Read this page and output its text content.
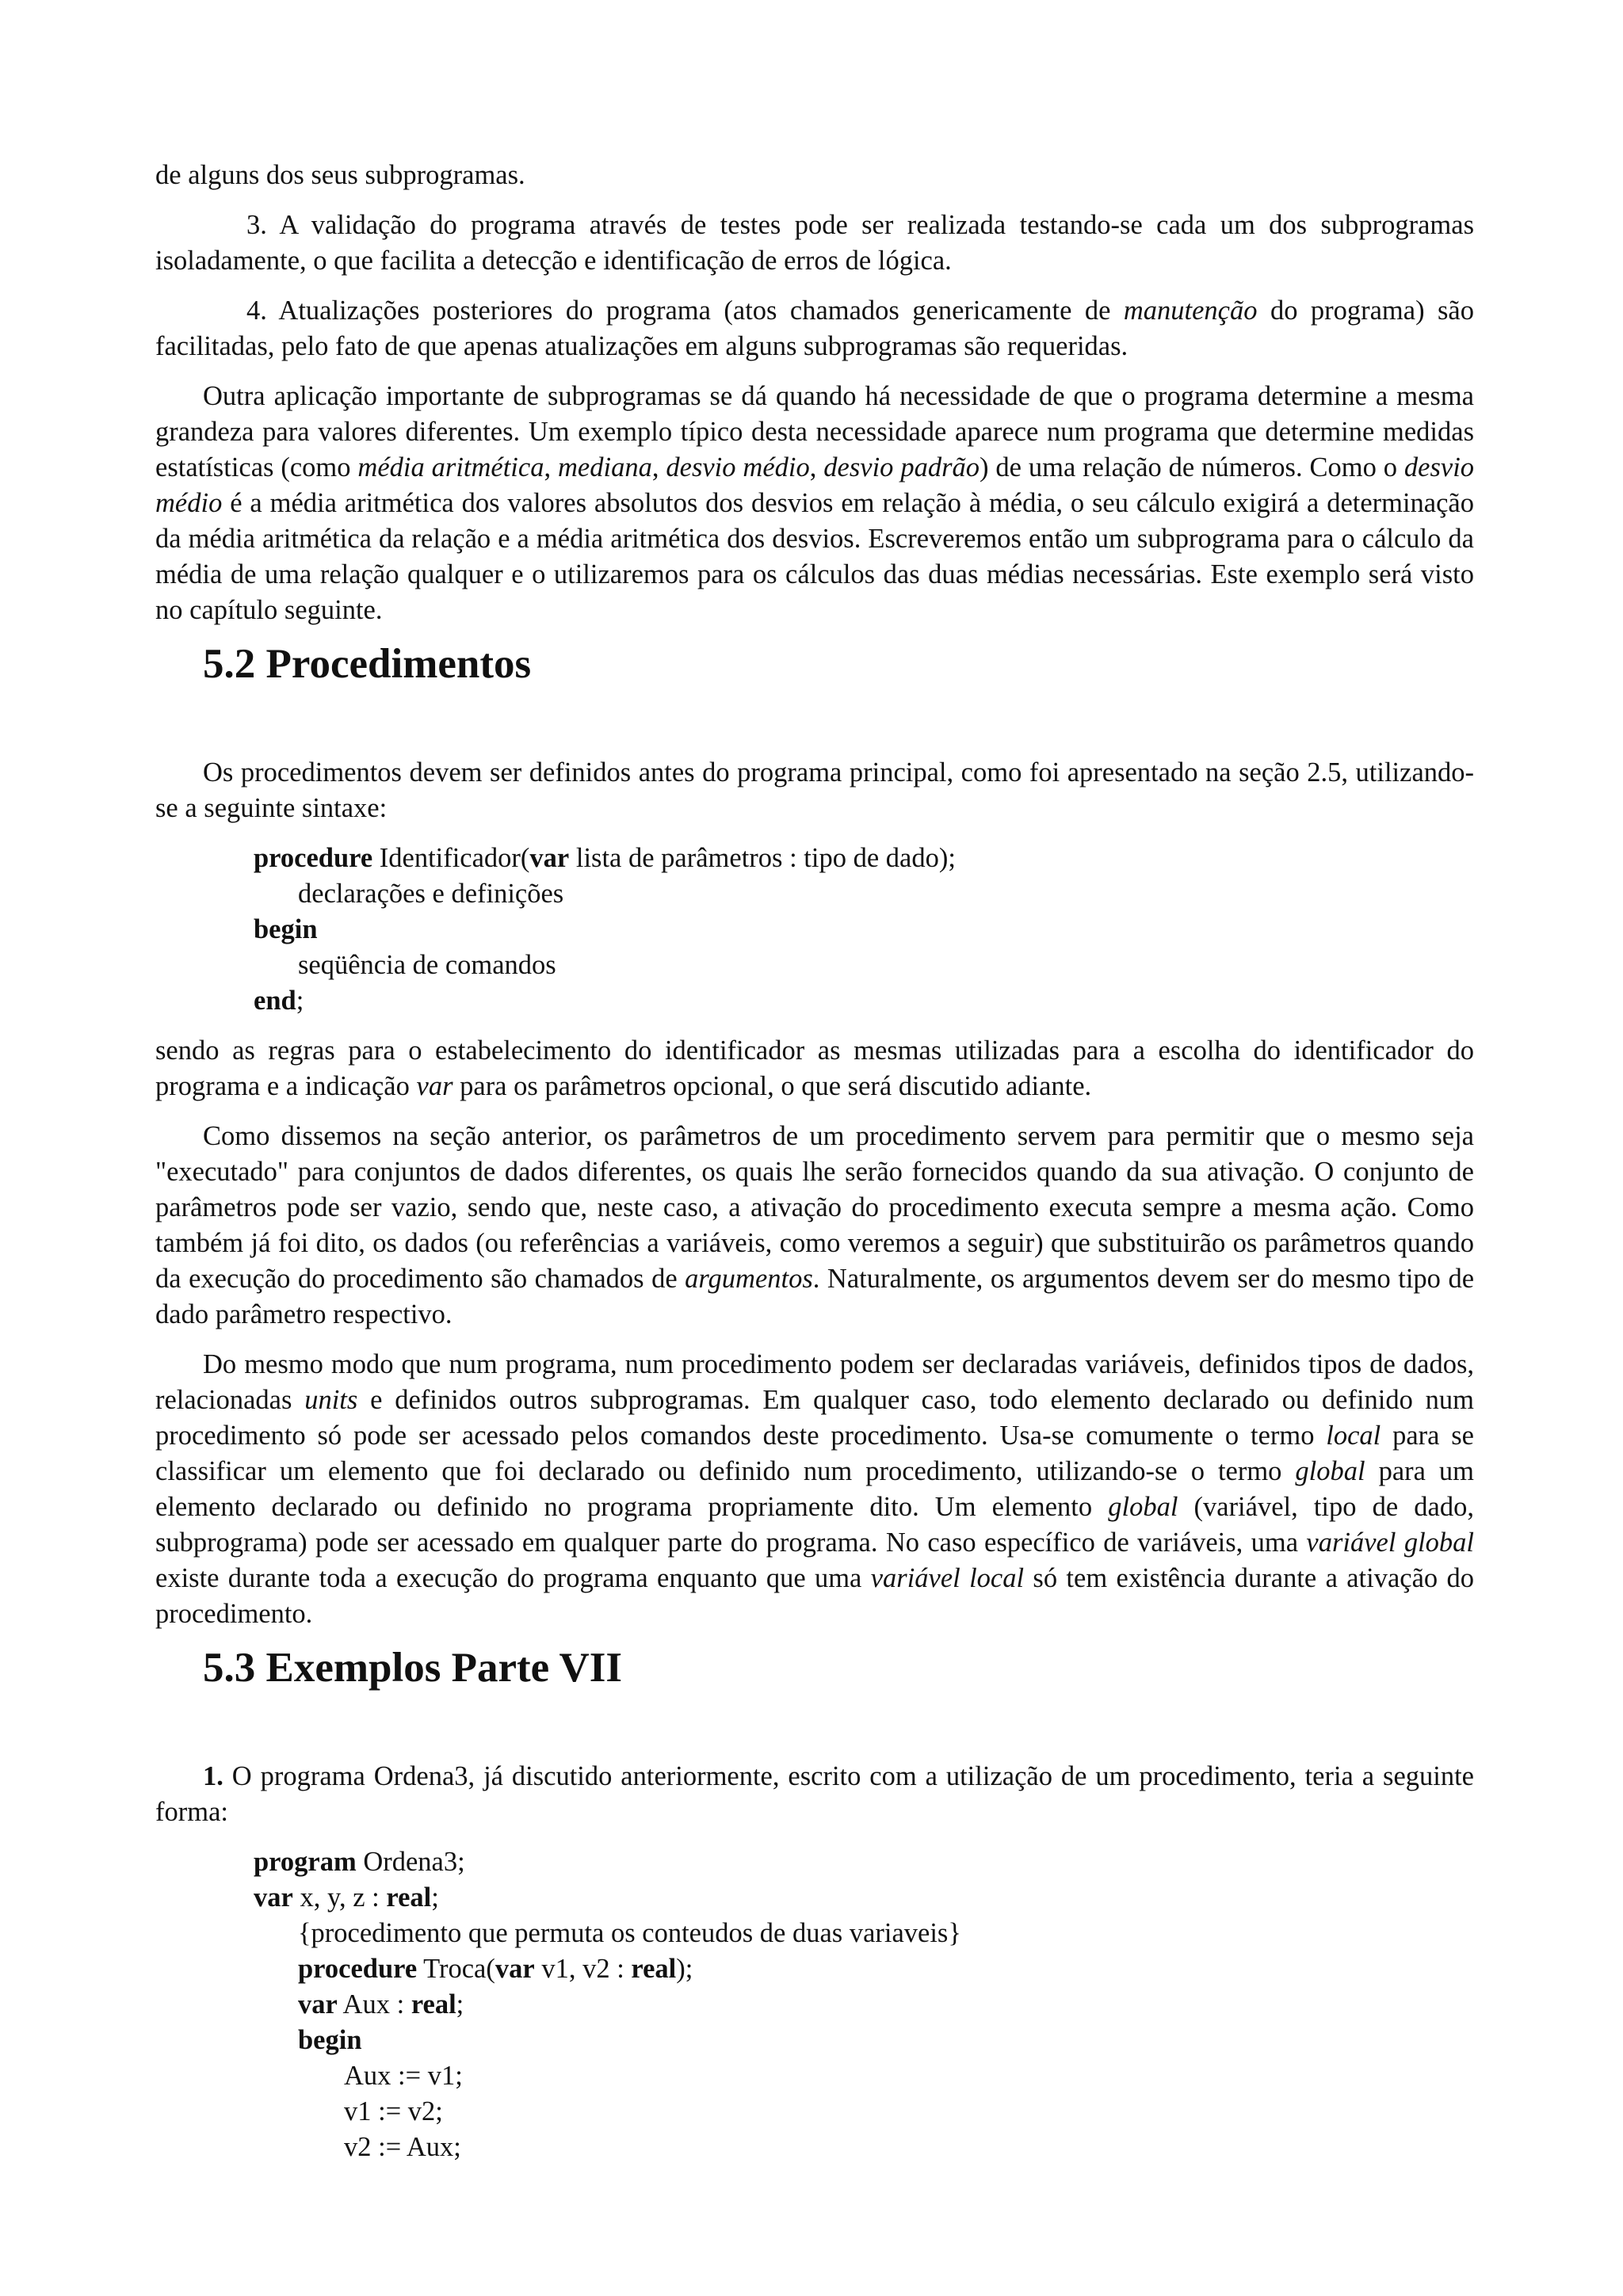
de alguns dos seus subprogramas.

3. A validação do programa através de testes pode ser realizada testando-se cada um dos subprogramas isoladamente, o que facilita a detecção e identificação de erros de lógica.

4. Atualizações posteriores do programa (atos chamados genericamente de manutenção do programa) são facilitadas, pelo fato de que apenas atualizações em alguns subprogramas são requeridas.

Outra aplicação importante de subprogramas se dá quando há necessidade de que o programa determine a mesma grandeza para valores diferentes. Um exemplo típico desta necessidade aparece num programa que determine medidas estatísticas (como média aritmética, mediana, desvio médio, desvio padrão) de uma relação de números. Como o desvio médio é a média aritmética dos valores absolutos dos desvios em relação à média, o seu cálculo exigirá a determinação da média aritmética da relação e a média aritmética dos desvios. Escreveremos então um subprograma para o cálculo da média de uma relação qualquer e o utilizaremos para os cálculos das duas médias necessárias. Este exemplo será visto no capítulo seguinte.

5.2 Procedimentos

Os procedimentos devem ser definidos antes do programa principal, como foi apresentado na seção 2.5, utilizando-se a seguinte sintaxe:

procedure Identificador(var lista de parâmetros : tipo de dado);
declarações e definições
begin
seqüência de comandos
end;

sendo as regras para o estabelecimento do identificador as mesmas utilizadas para a escolha do identificador do programa e a indicação var para os parâmetros opcional, o que será discutido adiante.

Como dissemos na seção anterior, os parâmetros de um procedimento servem para permitir que o mesmo seja "executado" para conjuntos de dados diferentes, os quais lhe serão fornecidos quando da sua ativação. O conjunto de parâmetros pode ser vazio, sendo que, neste caso, a ativação do procedimento executa sempre a mesma ação. Como também já foi dito, os dados (ou referências a variáveis, como veremos a seguir) que substituirão os parâmetros quando da execução do procedimento são chamados de argumentos. Naturalmente, os argumentos devem ser do mesmo tipo de dado parâmetro respectivo.

Do mesmo modo que num programa, num procedimento podem ser declaradas variáveis, definidos tipos de dados, relacionadas units e definidos outros subprogramas. Em qualquer caso, todo elemento declarado ou definido num procedimento só pode ser acessado pelos comandos deste procedimento. Usa-se comumente o termo local para se classificar um elemento que foi declarado ou definido num procedimento, utilizando-se o termo global para um elemento declarado ou definido no programa propriamente dito. Um elemento global (variável, tipo de dado, subprograma) pode ser acessado em qualquer parte do programa. No caso específico de variáveis, uma variável global existe durante toda a execução do programa enquanto que uma variável local só tem existência durante a ativação do procedimento.

5.3 Exemplos Parte VII

1. O programa Ordena3, já discutido anteriormente, escrito com a utilização de um procedimento, teria a seguinte forma:

program Ordena3;
var x, y, z : real;
{procedimento que permuta os conteudos de duas variaveis}
procedure Troca(var v1, v2 : real);
var Aux : real;
begin
Aux := v1;
v1 := v2;
v2 := Aux;
